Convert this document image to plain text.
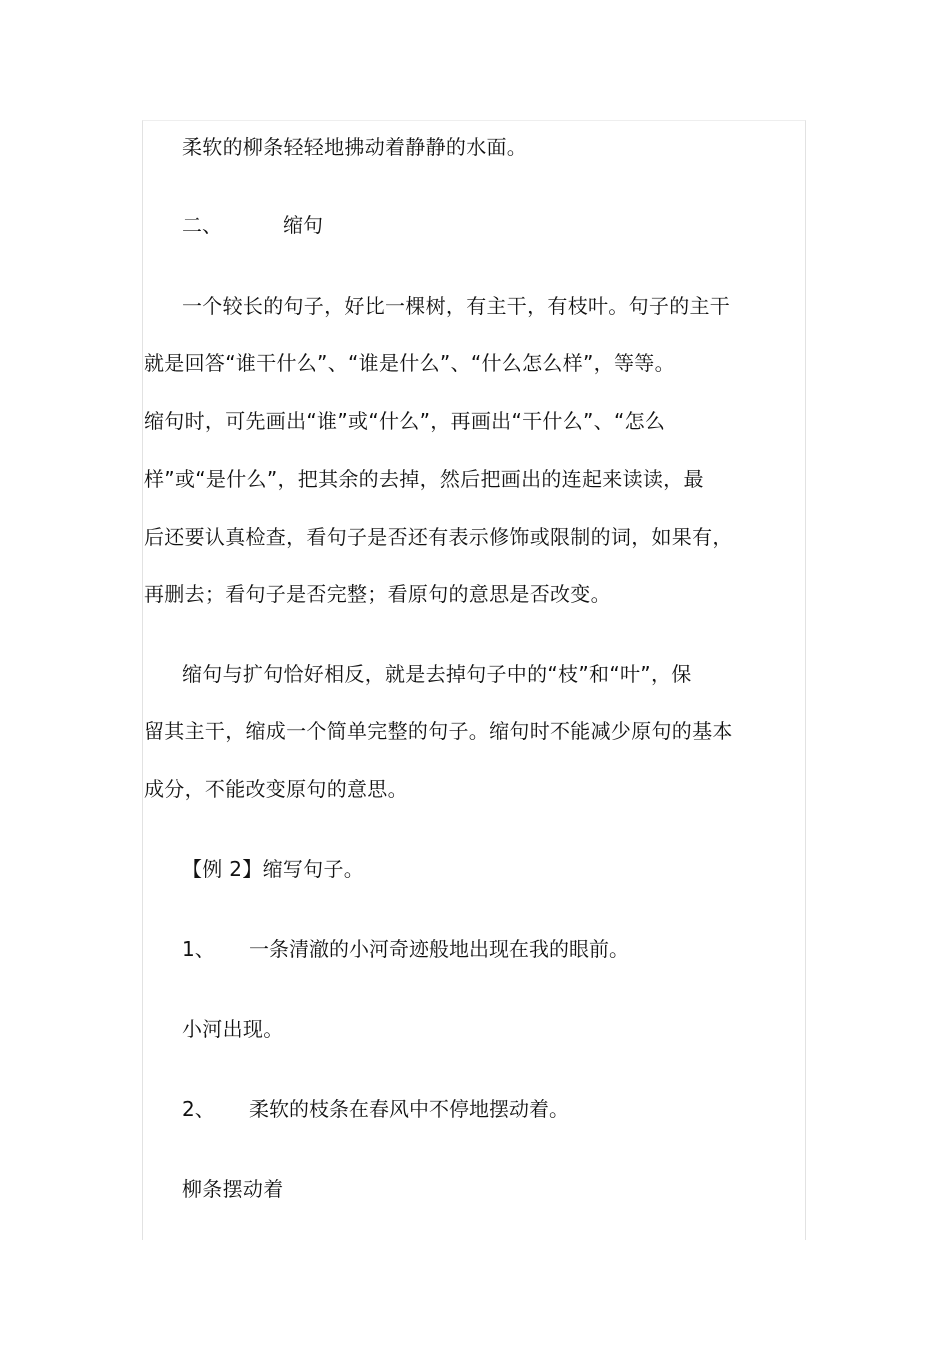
柔软的柳条轻轻地拂动着静静的水面。
二、	缩句
一个较长的句子，好比一棵树，有主干，有枝叶。句子的主干
就是回答“谁干什么”、“谁是什么”、“什么怎么样”，等等。
缩句时，可先画出“谁”或“什么”，再画出“干什么”、“怎么
样”或“是什么”，把其余的去掉，然后把画出的连起来读读，最
后还要认真检查，看句子是否还有表示修饰或限制的词，如果有，
再删去；看句子是否完整；看原句的意思是否改变。
缩句与扩句恰好相反，就是去掉句子中的“枝”和“叶”，保
留其主干，缩成一个简单完整的句子。缩句时不能减少原句的基本
成分，不能改变原句的意思。
【例 2】缩写句子。
1、 一条清澈的小河奇迹般地出现在我的眼前。
小河出现。
2、 柔软的枝条在春风中不停地摆动着。
柳条摆动着
